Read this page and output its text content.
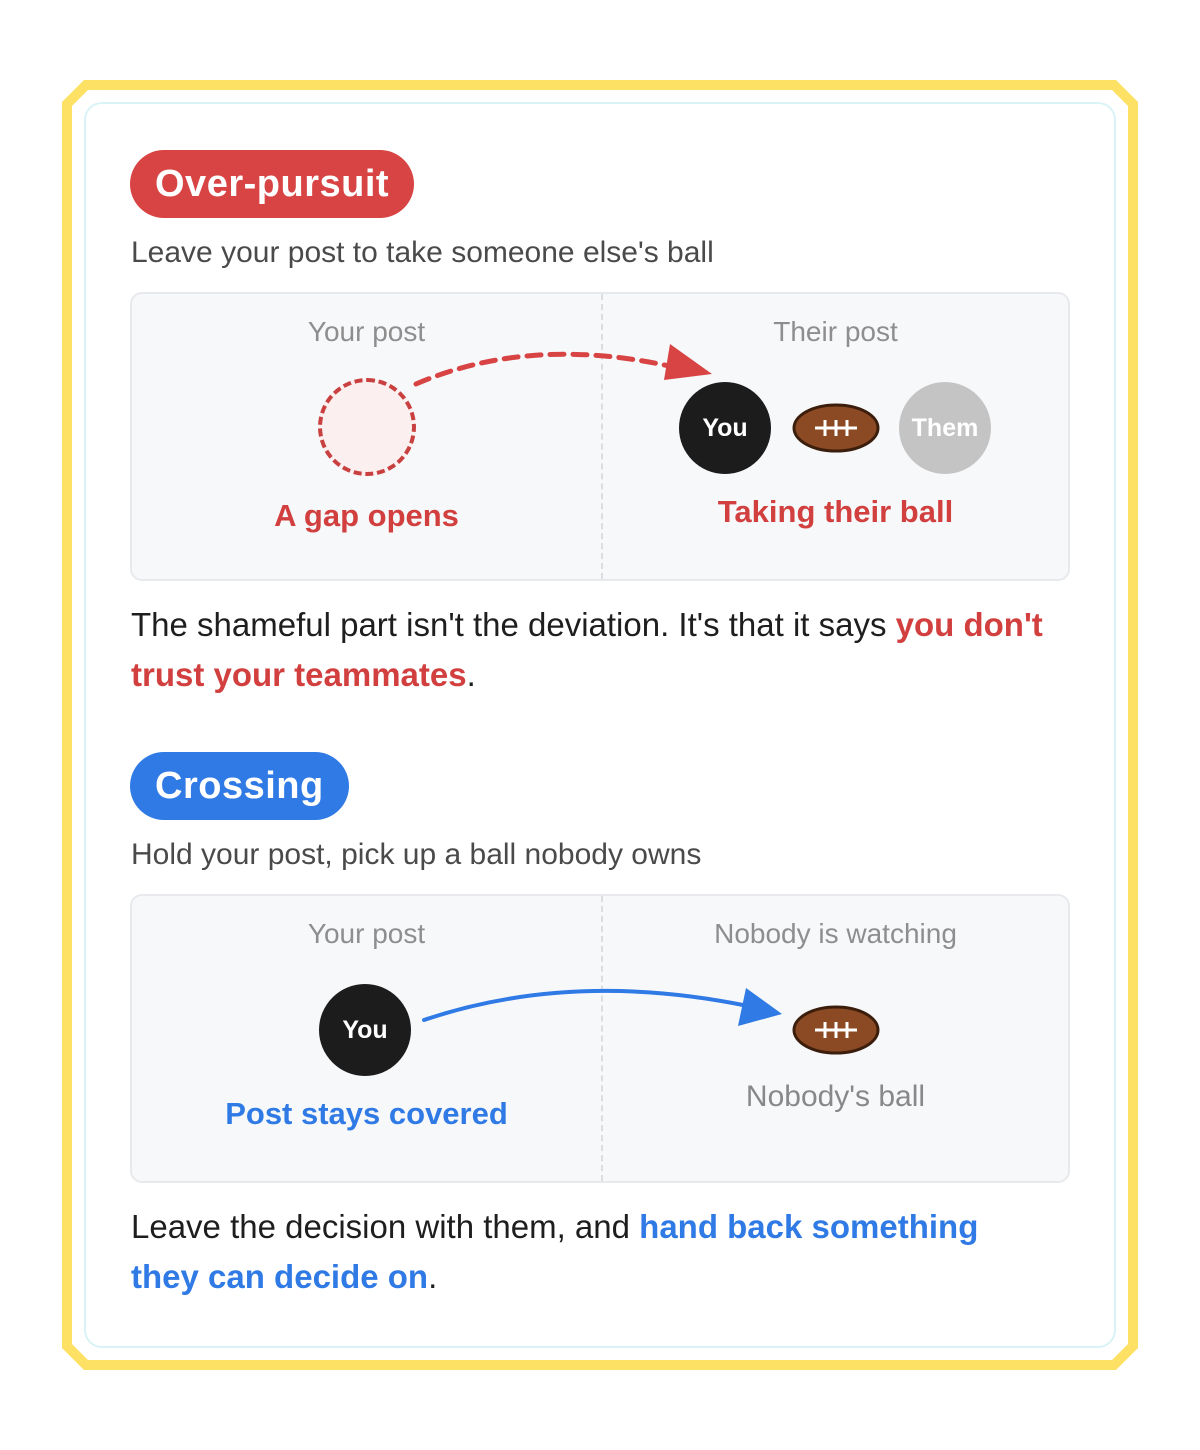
Over-pursuit
Leave your post to take someone else's ball
Your post	Their post
You	Them
A gap opens	Taking their ball
The shameful part isn't the deviation. It's that it says you don't trust your teammates.
Crossing
Hold your post, pick up a ball nobody owns
Your post	Nobody is watching
You
Post stays covered	Nobody's ball
Leave the decision with them, and hand back something they can decide on.
